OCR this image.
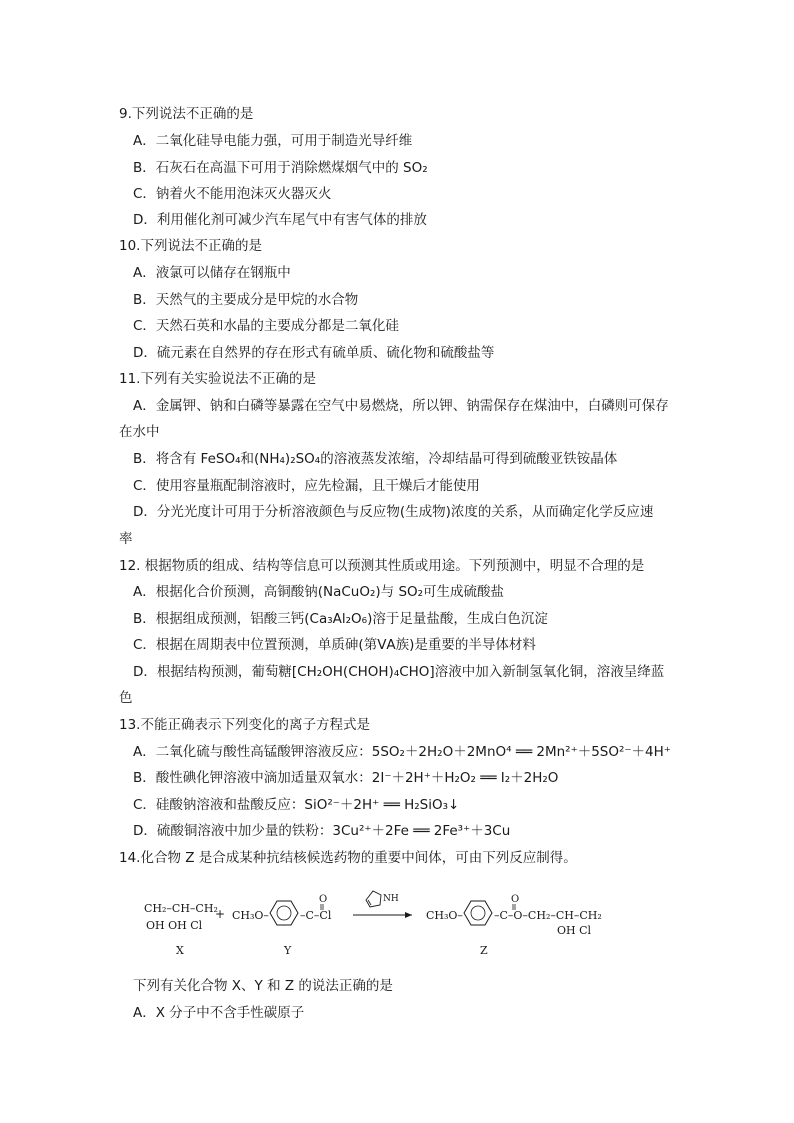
9.下列说法不正确的是
A．二氧化硅导电能力强，可用于制造光导纤维
B．石灰石在高温下可用于消除燃煤烟气中的 SO₂
C．钠着火不能用泡沫灭火器灭火
D．利用催化剂可减少汽车尾气中有害气体的排放
10.下列说法不正确的是
A．液氯可以储存在钢瓶中
B．天然气的主要成分是甲烷的水合物
C．天然石英和水晶的主要成分都是二氧化硅
D．硫元素在自然界的存在形式有硫单质、硫化物和硫酸盐等
11.下列有关实验说法不正确的是
A．金属钾、钠和白磷等暴露在空气中易燃烧，所以钾、钠需保存在煤油中，白磷则可保存
在水中
B．将含有 FeSO₄和(NH₄)₂SO₄的溶液蒸发浓缩，冷却结晶可得到硫酸亚铁铵晶体
C．使用容量瓶配制溶液时，应先检漏，且干燥后才能使用
D．分光光度计可用于分析溶液颜色与反应物(生成物)浓度的关系，从而确定化学反应速
率
12. 根据物质的组成、结构等信息可以预测其性质或用途。下列预测中，明显不合理的是
A．根据化合价预测，高铜酸钠(NaCuO₂)与 SO₂可生成硫酸盐
B．根据组成预测，铝酸三钙(Ca₃Al₂O₆)溶于足量盐酸，生成白色沉淀
C．根据在周期表中位置预测，单质砷(第ⅤA族)是重要的半导体材料
D．根据结构预测，葡萄糖[CH₂OH(CHOH)₄CHO]溶液中加入新制氢氧化铜，溶液呈绛蓝
色
13.不能正确表示下列变化的离子方程式是
A．二氧化硫与酸性高锰酸钾溶液反应：5SO₂＋2H₂O＋2MnO⁴ ══ 2Mn²⁺＋5SO²⁻＋4H⁺
B．酸性碘化钾溶液中滴加适量双氧水：2I⁻＋2H⁺＋H₂O₂ ══ I₂＋2H₂O
C．硅酸钠溶液和盐酸反应：SiO²⁻＋2H⁺ ══ H₂SiO₃↓
D．硫酸铜溶液中加少量的铁粉：3Cu²⁺＋2Fe ══ 2Fe³⁺＋3Cu
14.化合物 Z 是合成某种抗结核候选药物的重要中间体，可由下列反应制得。
CH₂–CH–CH₂
OH OH Cl
X
+ CH₃O–
O
–C–Cl
Y
NH
CH₃O–
O
–C–O–CH₂–CH–CH₂
OH Cl
Z
下列有关化合物 X、Y 和 Z 的说法正确的是
A．X 分子中不含手性碳原子
